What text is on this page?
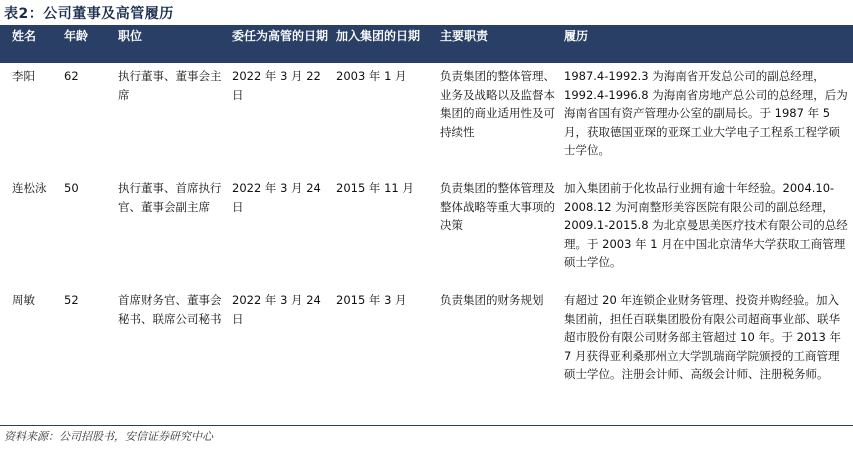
表2：公司董事及高管履历
姓名	年龄	职位	委任为高管的日期	加入集团的日期	主要职责	履历
李阳	62	执行董事、董事会主席	2022 年 3 月 22 日	2003 年 1 月	负责集团的整体管理、业务及战略以及监督本集团的商业适用性及可持续性	1987.4-1992.3 为海南省开发总公司的副总经理，1992.4-1996.8 为海南省房地产总公司的总经理，后为海南省国有资产管理办公室的副局长。于 1987 年 5 月，获取德国亚琛的亚琛工业大学电子工程系工程学硕士学位。
连松泳	50	执行董事、首席执行官、董事会副主席	2022 年 3 月 24 日	2015 年 11 月	负责集团的整体管理及整体战略等重大事项的决策	加入集团前于化妆品行业拥有逾十年经验。2004.10-2008.12 为河南整形美容医院有限公司的副总经理，2009.1-2015.8 为北京曼思美医疗技术有限公司的总经理。于 2003 年 1 月在中国北京清华大学获取工商管理硕士学位。
周敏	52	首席财务官、董事会秘书、联席公司秘书	2022 年 3 月 24 日	2015 年 3 月	负责集团的财务规划	有超过 20 年连锁企业财务管理、投资并购经验。加入集团前，担任百联集团股份有限公司超商事业部、联华超市股份有限公司财务部主管超过 10 年。于 2013 年 7 月获得亚利桑那州立大学凯瑞商学院颁授的工商管理硕士学位。注册会计师、高级会计师、注册税务师。
资料来源：公司招股书，安信证券研究中心
